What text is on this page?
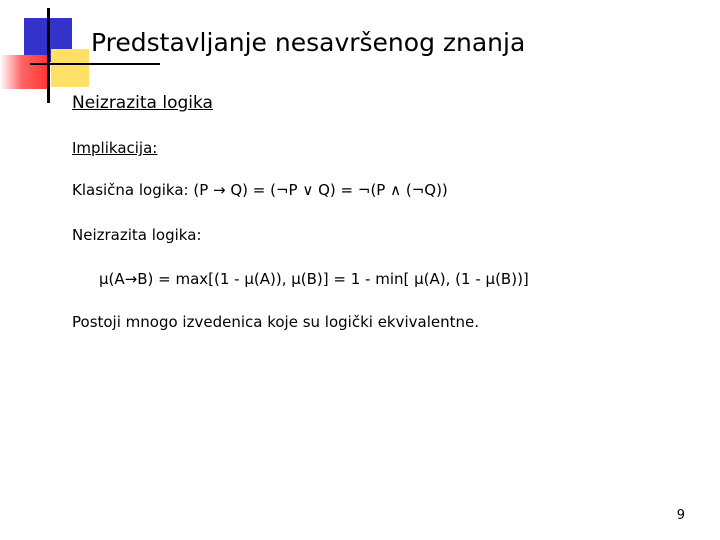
Predstavljanje nesavršenog znanja
Neizrazita logika
Implikacija:
Klasična logika: (P → Q) = (¬P ∨ Q) = ¬(P ∧ (¬Q))
Neizrazita logika:
μ(A→B) = max[(1 - μ(A)), μ(B)] = 1 - min[ μ(A), (1 - μ(B))]
Postoji mnogo izvedenica koje su logički ekvivalentne.
9
